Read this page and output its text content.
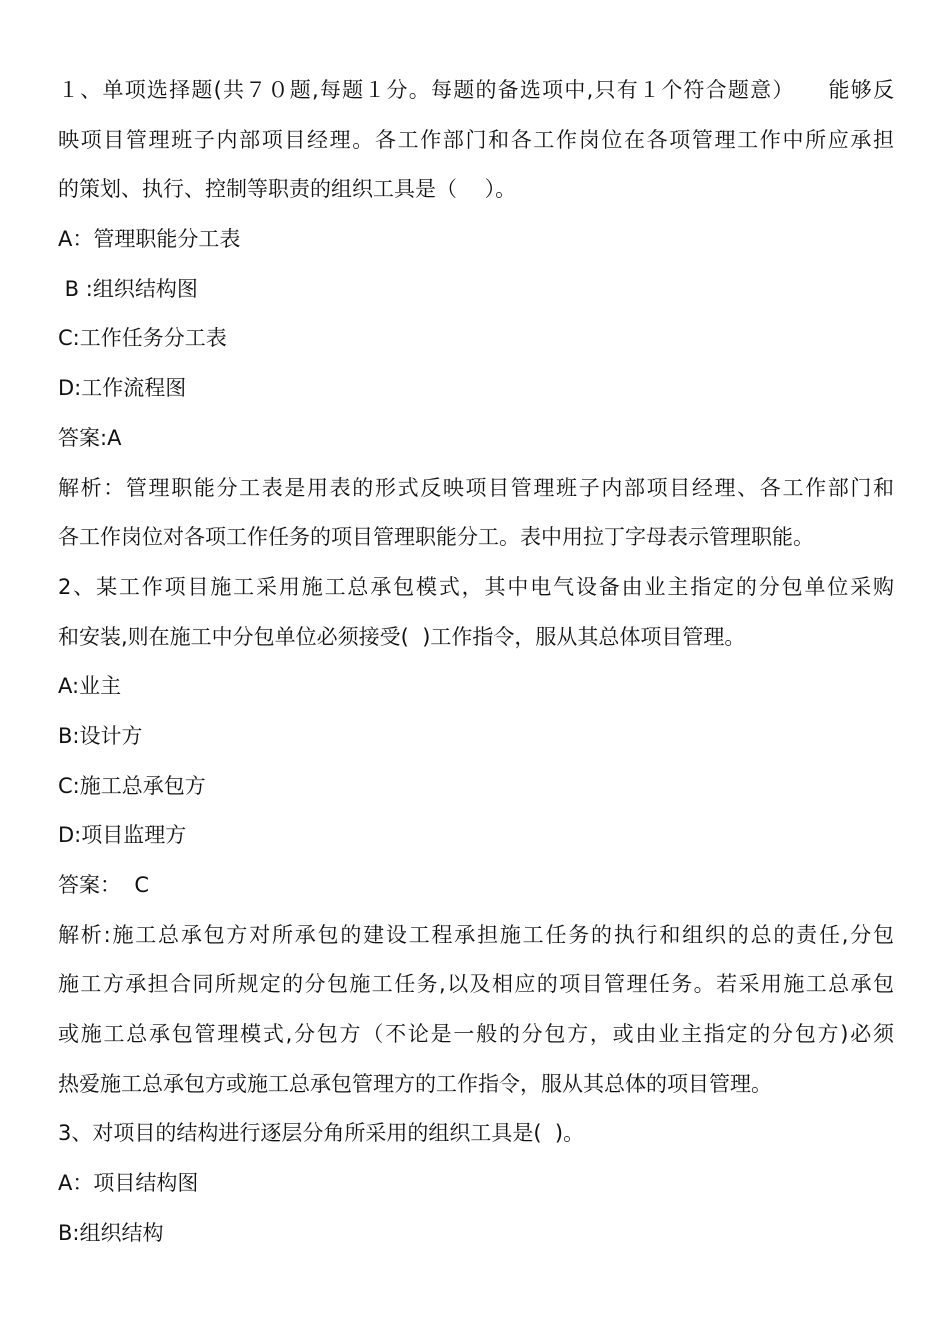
１、单项选择题(共７０题,每题１分。每题的备选项中,只有１个符合题意）　　能够反
映项目管理班子内部项目经理。各工作部门和各工作岗位在各项管理工作中所应承担
的策划、执行、控制等职责的组织工具是（　 ）。
A：管理职能分工表
B :组织结构图
C:工作任务分工表
D:工作流程图
答案:A
解析：管理职能分工表是用表的形式反映项目管理班子内部项目经理、各工作部门和
各工作岗位对各项工作任务的项目管理职能分工。表中用拉丁字母表示管理职能。
2、某工作项目施工采用施工总承包模式，其中电气设备由业主指定的分包单位采购
和安装,则在施工中分包单位必须接受(  )工作指令，服从其总体项目管理。
A:业主
B:设计方
C:施工总承包方
D:项目监理方
答案：  C
解析:施工总承包方对所承包的建设工程承担施工任务的执行和组织的总的责任,分包
施工方承担合同所规定的分包施工任务,以及相应的项目管理任务。若采用施工总承包
或施工总承包管理模式,分包方（不论是一般的分包方，或由业主指定的分包方)必须
热爱施工总承包方或施工总承包管理方的工作指令，服从其总体的项目管理。
3、对项目的结构进行逐层分角所采用的组织工具是(  )。
A：项目结构图
B:组织结构
